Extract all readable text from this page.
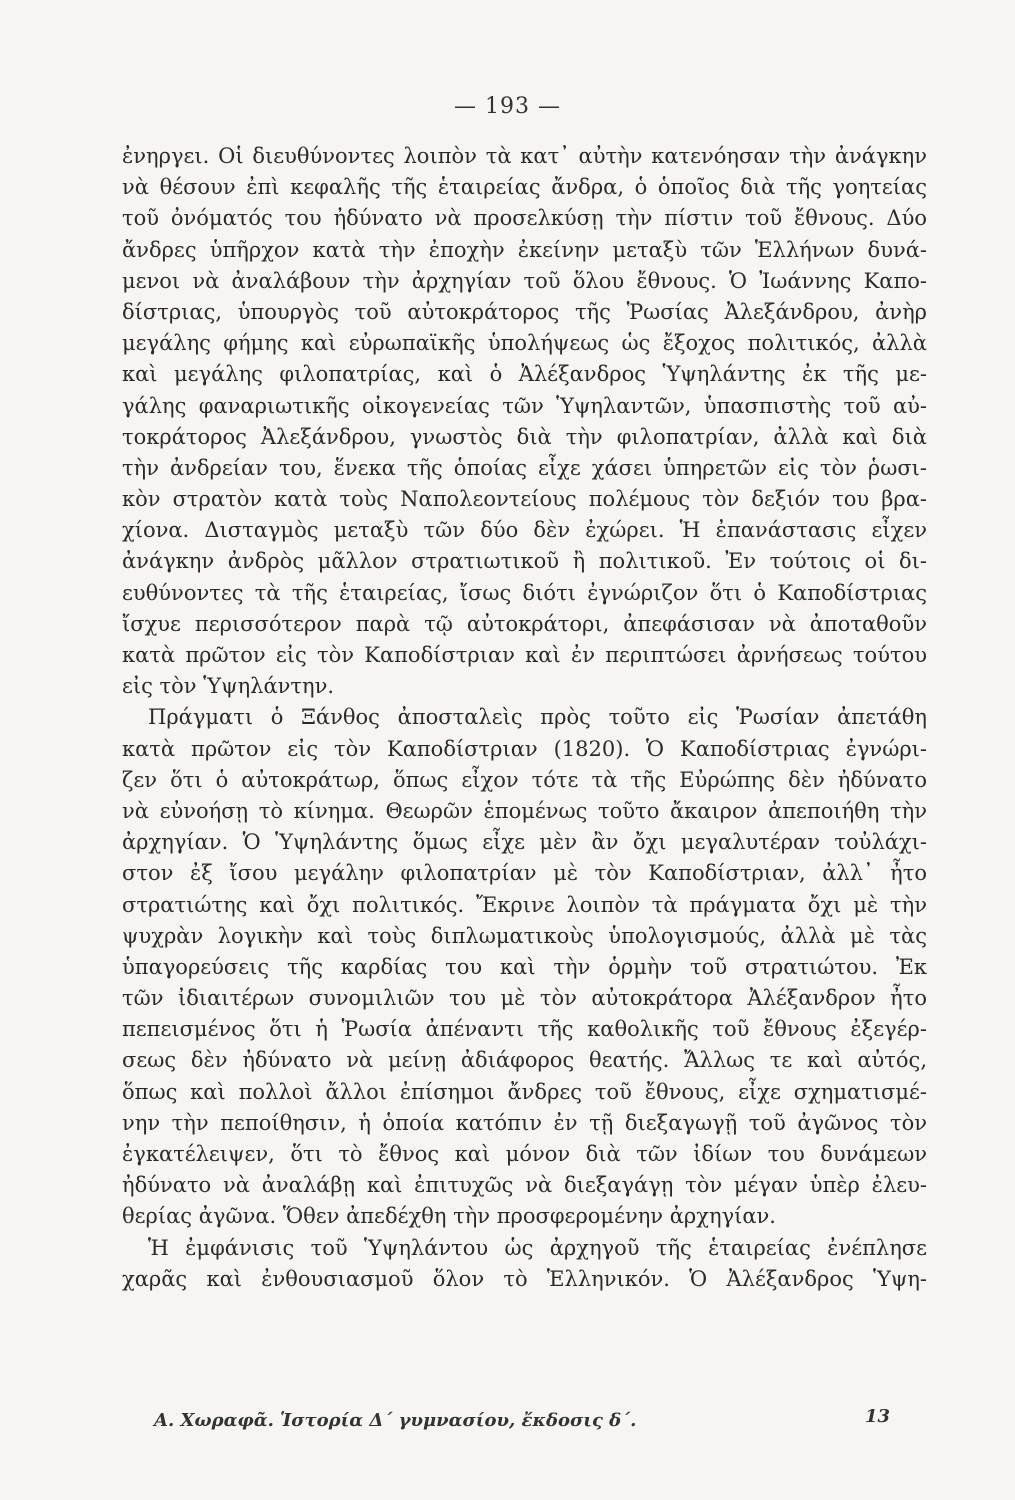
— 193 —
ἐνηργει. Οἱ διευθύνοντες λοιπὸν τὰ κατ᾽ αὐτὴν κατενόησαν τὴν ἀνάγκην
νὰ θέσουν ἐπὶ κεφαλῆς τῆς ἑταιρείας ἄνδρα, ὁ ὁποῖος διὰ τῆς γοητείας
τοῦ ὀνόματός του ἠδύνατο νὰ προσελκύσῃ τὴν πίστιν τοῦ ἔθνους. Δύο
ἄνδρες ὑπῆρχον κατὰ τὴν ἐποχὴν ἐκείνην μεταξὺ τῶν Ἑλλήνων δυνά-
μενοι νὰ ἀναλάβουν τὴν ἀρχηγίαν τοῦ ὅλου ἔθνους. Ὁ Ἰωάννης Καπο-
δίστριας, ὑπουργὸς τοῦ αὐτοκράτορος τῆς Ῥωσίας Ἀλεξάνδρου, ἀνὴρ
μεγάλης φήμης καὶ εὐρωπαϊκῆς ὑπολήψεως ὡς ἔξοχος πολιτικός, ἀλλὰ
καὶ μεγάλης φιλοπατρίας, καὶ ὁ Ἀλέξανδρος Ὑψηλάντης ἐκ τῆς με-
γάλης φαναριωτικῆς οἰκογενείας τῶν Ὑψηλαντῶν, ὑπασπιστὴς τοῦ αὐ-
τοκράτορος Ἀλεξάνδρου, γνωστὸς διὰ τὴν φιλοπατρίαν, ἀλλὰ καὶ διὰ
τὴν ἀνδρείαν του, ἕνεκα τῆς ὁποίας εἶχε χάσει ὑπηρετῶν εἰς τὸν ῥωσι-
κὸν στρατὸν κατὰ τοὺς Ναπολεοντείους πολέμους τὸν δεξιόν του βρα-
χίονα. Δισταγμὸς μεταξὺ τῶν δύο δὲν ἐχώρει. Ἡ ἐπανάστασις εἶχεν
ἀνάγκην ἀνδρὸς μᾶλλον στρατιωτικοῦ ἢ πολιτικοῦ. Ἐν τούτοις οἱ δι-
ευθύνοντες τὰ τῆς ἑταιρείας, ἴσως διότι ἐγνώριζον ὅτι ὁ Καποδίστριας
ἴσχυε περισσότερον παρὰ τῷ αὐτοκράτορι, ἀπεφάσισαν νὰ ἀποταθοῦν
κατὰ πρῶτον εἰς τὸν Καποδίστριαν καὶ ἐν περιπτώσει ἀρνήσεως τούτου
εἰς τὸν Ὑψηλάντην.
Πράγματι ὁ Ξάνθος ἀποσταλεὶς πρὸς τοῦτο εἰς Ῥωσίαν ἀπετάθη
κατὰ πρῶτον εἰς τὸν Καποδίστριαν (1820). Ὁ Καποδίστριας ἐγνώρι-
ζεν ὅτι ὁ αὐτοκράτωρ, ὅπως εἶχον τότε τὰ τῆς Εὐρώπης δὲν ἠδύνατο
νὰ εὐνοήσῃ τὸ κίνημα. Θεωρῶν ἑπομένως τοῦτο ἄκαιρον ἀπεποιήθη τὴν
ἀρχηγίαν. Ὁ Ὑψηλάντης ὅμως εἶχε μὲν ἂν ὄχι μεγαλυτέραν τοὐλάχι-
στον ἐξ ἴσου μεγάλην φιλοπατρίαν μὲ τὸν Καποδίστριαν, ἀλλ᾽ ἦτο
στρατιώτης καὶ ὄχι πολιτικός. Ἔκρινε λοιπὸν τὰ πράγματα ὄχι μὲ τὴν
ψυχρὰν λογικὴν καὶ τοὺς διπλωματικοὺς ὑπολογισμούς, ἀλλὰ μὲ τὰς
ὑπαγορεύσεις τῆς καρδίας του καὶ τὴν ὁρμὴν τοῦ στρατιώτου. Ἐκ
τῶν ἰδιαιτέρων συνομιλιῶν του μὲ τὸν αὐτοκράτορα Ἀλέξανδρον ἦτο
πεπεισμένος ὅτι ἡ Ῥωσία ἀπέναντι τῆς καθολικῆς τοῦ ἔθνους ἐξεγέρ-
σεως δὲν ἠδύνατο νὰ μείνῃ ἀδιάφορος θεατής. Ἄλλως τε καὶ αὐτός,
ὅπως καὶ πολλοὶ ἄλλοι ἐπίσημοι ἄνδρες τοῦ ἔθνους, εἶχε σχηματισμέ-
νην τὴν πεποίθησιν, ἡ ὁποία κατόπιν ἐν τῇ διεξαγωγῇ τοῦ ἀγῶνος τὸν
ἐγκατέλειψεν, ὅτι τὸ ἔθνος καὶ μόνον διὰ τῶν ἰδίων του δυνάμεων
ἠδύνατο νὰ ἀναλάβῃ καὶ ἐπιτυχῶς νὰ διεξαγάγῃ τὸν μέγαν ὑπὲρ ἐλευ-
θερίας ἀγῶνα. Ὅθεν ἀπεδέχθη τὴν προσφερομένην ἀρχηγίαν.
Ἡ ἐμφάνισις τοῦ Ὑψηλάντου ὡς ἀρχηγοῦ τῆς ἑταιρείας ἐνέπλησε
χαρᾶς καὶ ἐνθουσιασμοῦ ὅλον τὸ Ἑλληνικόν. Ὁ Ἀλέξανδρος Ὑψη-
Α. Χωραφᾶ. Ἱστορία Δ΄ γυμνασίου, ἔκδοσις δ΄.	13
